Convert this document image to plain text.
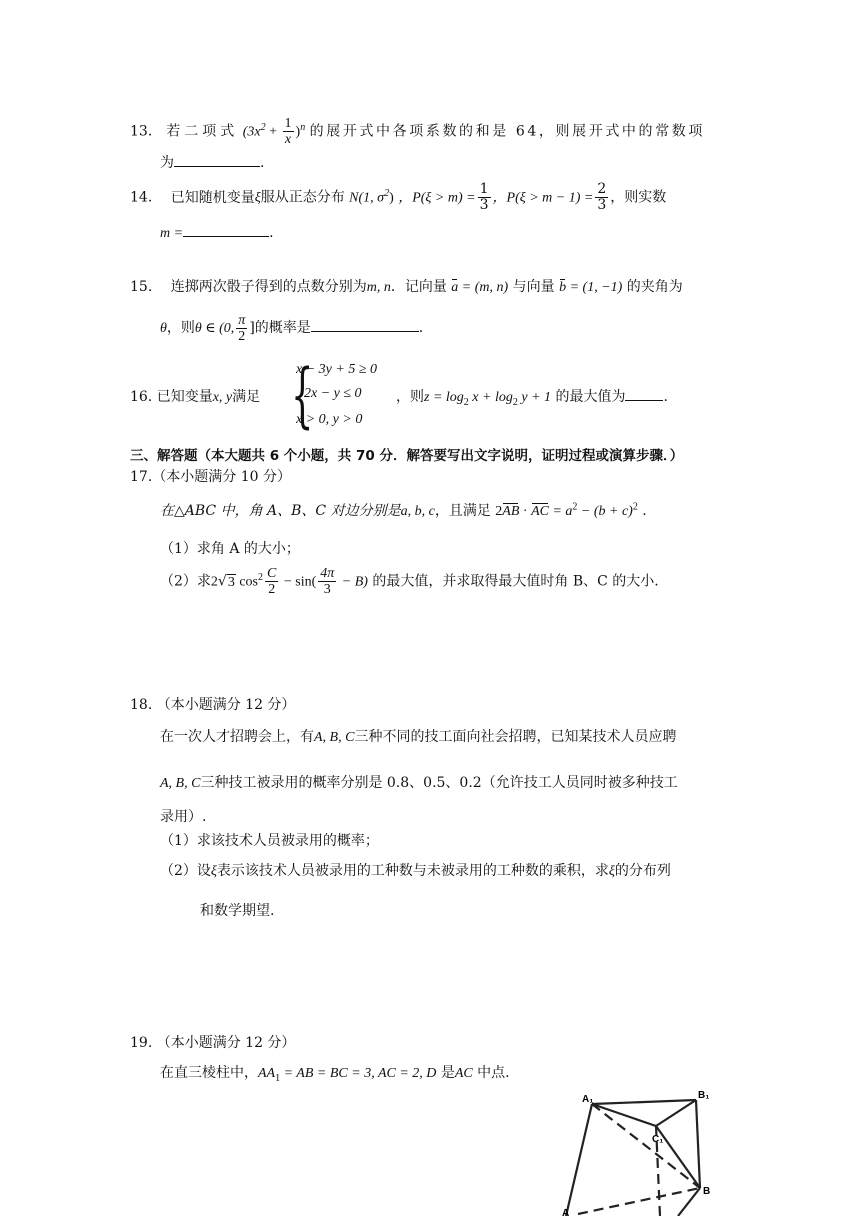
13． 若二项式 $(3x^2 + \frac{1}{x} )^n$ 的展开式中各项系数的和是 64，则展开式中的常数项
为	.
14. 已知随机变量ξ服从正态分布 N(1, $\sigma^2$) ，$P(\xi > m) = \frac{1}{3}$ ，$P(\xi > m - 1) = \frac{2}{3}$ ，则实数
m =	.
15. 连掷两次骰子得到的点数分别为m, n．记向量 a = (m, n) 与向量 b = (1, −1) 的夹角为
θ，则θ ∈ (0, $\frac{\pi}{2}$ ]的概率是	.
16. 已知变量x, y满足 {
x − 3y + 5 ≥ 0
2x − y ≤ 0
x > 0, y > 0
，则$z = \log_2 x + \log_2 y + 1$ 的最大值为	.
三、解答题（本大题共 6 个小题，共 70 分．解答要写出文字说明，证明过程或演算步骤．）
17.（本小题满分 10 分）
在△ABC 中，角 A、B、C 对边分别是a, b, c，且满足 2AB · AC = $a^2 - (b + c)^2$ .
（1）求角 A 的大小；
（2）求2√3 $\cos^2 \frac{C}{2} - \sin( \frac{4\pi}{3} - B)$ 的最大值，并求取得最大值时角 B、C 的大小.
18. （本小题满分 12 分）
在一次人才招聘会上，有A, B, C三种不同的技工面向社会招聘，已知某技术人员应聘
A, B, C三种技工被录用的概率分别是 0.8、0.5、0.2（允许技工人员同时被多种技工
录用）.
（1）求该技术人员被录用的概率；
（2）设ξ表示该技术人员被录用的工种数与未被录用的工种数的乘积，求ξ的分布列
和数学期望.
19. （本小题满分 12 分）
在直三棱柱中，$AA_1$ = AB = BC = 3, AC = 2, D 是AC 中点.
A₁	B₁
C₁
B
A
